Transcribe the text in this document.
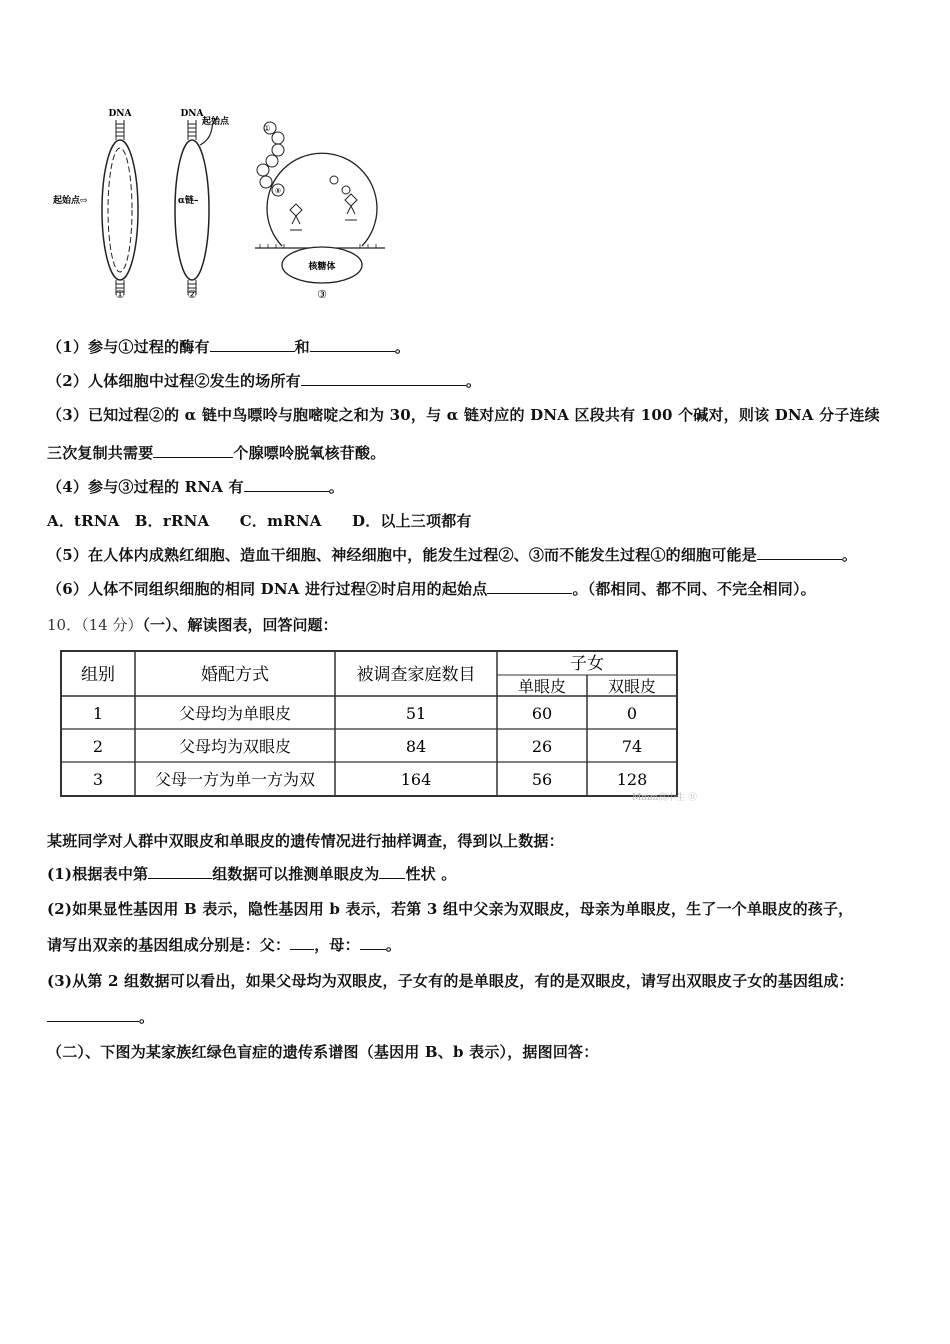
DNA
起始点⇨
①
DNA
起始点
α链–
②
核糖体
①
⑧
③
（1）参与①过程的酶有	和	。
（2）人体细胞中过程②发生的场所有	。
（3）已知过程②的 α 链中鸟嘌呤与胞嘧啶之和为 30，与 α 链对应的 DNA 区段共有 100 个碱对，则该 DNA 分子连续
三次复制共需要	个腺嘌呤脱氧核苷酸。
（4）参与③过程的 RNA 有	。
A．tRNA　B．rRNA　　C．mRNA　　D．以上三项都有
（5）在人体内成熟红细胞、造血干细胞、神经细胞中，能发生过程②、③而不能发生过程①的细胞可能是	。
（6）人体不同组织细胞的相同 DNA 进行过程②时启用的起始点	。（都相同、都不同、不完全相同）。
10．（14 分）（一）、解读图表，回答问题：
组别	婚配方式	被调查家庭数目
子女
单眼皮	双眼皮
1	父母均为单眼皮	51	60	0
2	父母均为双眼皮	84	26	74
3	父母一方为单一方为双	164	56	128
Mmm高中生 ⑪
某班同学对人群中双眼皮和单眼皮的遗传情况进行抽样调查，得到以上数据：
(1)根据表中第	组数据可以推测单眼皮为 性状 。
(2)如果显性基因用 B 表示，隐性基因用 b 表示，若第 3 组中父亲为双眼皮，母亲为单眼皮，生了一个单眼皮的孩子，
请写出双亲的基因组成分别是：父： ，母： 。
(3)从第 2 组数据可以看出，如果父母均为双眼皮，子女有的是单眼皮，有的是双眼皮，请写出双眼皮子女的基因组成：
。
（二）、下图为某家族红绿色盲症的遗传系谱图（基因用 B、b 表示），据图回答：
